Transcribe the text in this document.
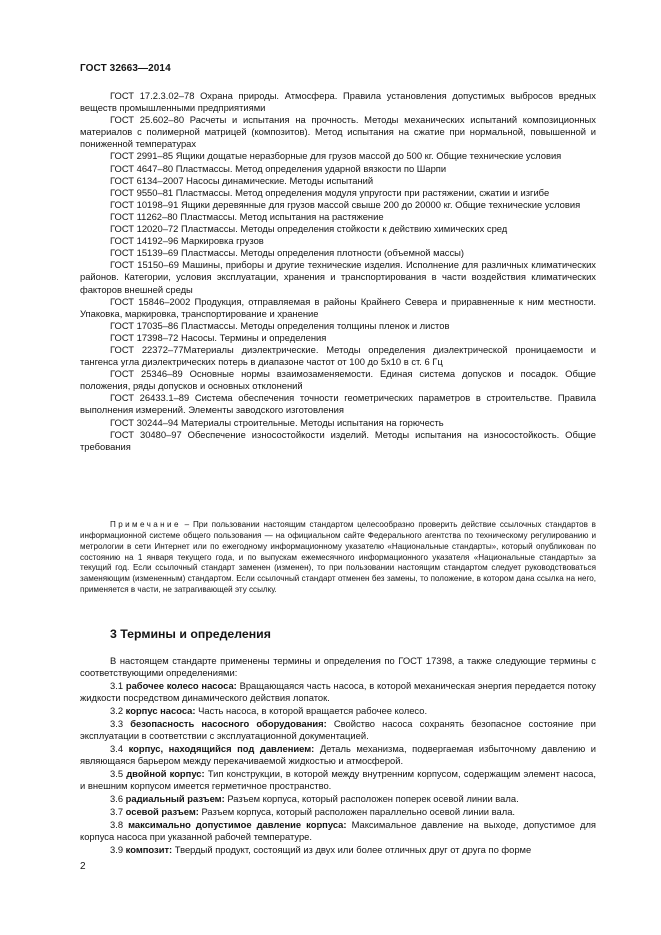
ГОСТ 32663—2014

ГОСТ 17.2.3.02–78 Охрана природы. Атмосфера. Правила установления допустимых выбросов вредных веществ промышленными предприятиями

ГОСТ 25.602–80 Расчеты и испытания на прочность. Методы механических испытаний композиционных материалов с полимерной матрицей (композитов). Метод испытания на сжатие при нормальной, повышенной и пониженной температурах

ГОСТ 2991–85 Ящики дощатые неразборные для грузов массой до 500 кг. Общие технические условия

ГОСТ 4647–80 Пластмассы. Метод определения ударной вязкости по Шарпи

ГОСТ 6134–2007 Насосы динамические. Методы испытаний

ГОСТ 9550–81 Пластмассы. Метод определения модуля упругости при растяжении, сжатии и изгибе

ГОСТ 10198–91 Ящики деревянные для грузов массой свыше 200 до 20000 кг. Общие технические условия

ГОСТ 11262–80 Пластмассы. Метод испытания на растяжение

ГОСТ 12020–72 Пластмассы. Методы определения стойкости к действию химических сред

ГОСТ 14192–96 Маркировка грузов

ГОСТ 15139–69 Пластмассы. Методы определения плотности (объемной массы)

ГОСТ 15150–69 Машины, приборы и другие технические изделия. Исполнение для различных климатических районов. Категории, условия эксплуатации, хранения и транспортирования в части воздействия климатических факторов внешней среды

ГОСТ 15846–2002 Продукция, отправляемая в районы Крайнего Севера и приравненные к ним местности. Упаковка, маркировка, транспортирование и хранение

ГОСТ 17035–86 Пластмассы. Методы определения толщины пленок и листов

ГОСТ 17398–72 Насосы. Термины и определения

ГОСТ 22372–77Материалы диэлектрические. Методы определения диэлектрической проницаемости и тангенса угла диэлектрических потерь в диапазоне частот от 100 до 5х10 в ст. 6 Гц

ГОСТ 25346–89 Основные нормы взаимозаменяемости. Единая система допусков и посадок. Общие положения, ряды допусков и основных отклонений

ГОСТ 26433.1–89 Система обеспечения точности геометрических параметров в строительстве. Правила выполнения измерений. Элементы заводского изготовления

ГОСТ 30244–94 Материалы строительные. Методы испытания на горючесть

ГОСТ 30480–97 Обеспечение износостойкости изделий. Методы испытания на износостойкость. Общие требования

Примечание – При пользовании настоящим стандартом целесообразно проверить действие ссылочных стандартов в информационной системе общего пользования — на официальном сайте Федерального агентства по техническому регулированию и метрологии в сети Интернет или по ежегодному информационному указателю «Национальные стандарты», который опубликован по состоянию на 1 января текущего года, и по выпускам ежемесячного информационного указателя «Национальные стандарты» за текущий год. Если ссылочный стандарт заменен (изменен), то при пользовании настоящим стандартом следует руководствоваться заменяющим (измененным) стандартом. Если ссылочный стандарт отменен без замены, то положение, в котором дана ссылка на него, применяется в части, не затрагивающей эту ссылку.

3 Термины и определения

В настоящем стандарте применены термины и определения по ГОСТ 17398, а также следующие термины с соответствующими определениями:

3.1 рабочее колесо насоса: Вращающаяся часть насоса, в которой механическая энергия передается потоку жидкости посредством динамического действия лопаток.

3.2 корпус насоса: Часть насоса, в которой вращается рабочее колесо.

3.3 безопасность насосного оборудования: Свойство насоса сохранять безопасное состояние при эксплуатации в соответствии с эксплуатационной документацией.

3.4 корпус, находящийся под давлением: Деталь механизма, подвергаемая избыточному давлению и являющаяся барьером между перекачиваемой жидкостью и атмосферой.

3.5 двойной корпус: Тип конструкции, в которой между внутренним корпусом, содержащим элемент насоса, и внешним корпусом имеется герметичное пространство.

3.6 радиальный разъем: Разъем корпуса, который расположен поперек осевой линии вала.

3.7 осевой разъем: Разъем корпуса, который расположен параллельно осевой линии вала.

3.8 максимально допустимое давление корпуса: Максимальное давление на выходе, допустимое для корпуса насоса при указанной рабочей температуре.

3.9 композит: Твердый продукт, состоящий из двух или более отличных друг от друга по форме

2
